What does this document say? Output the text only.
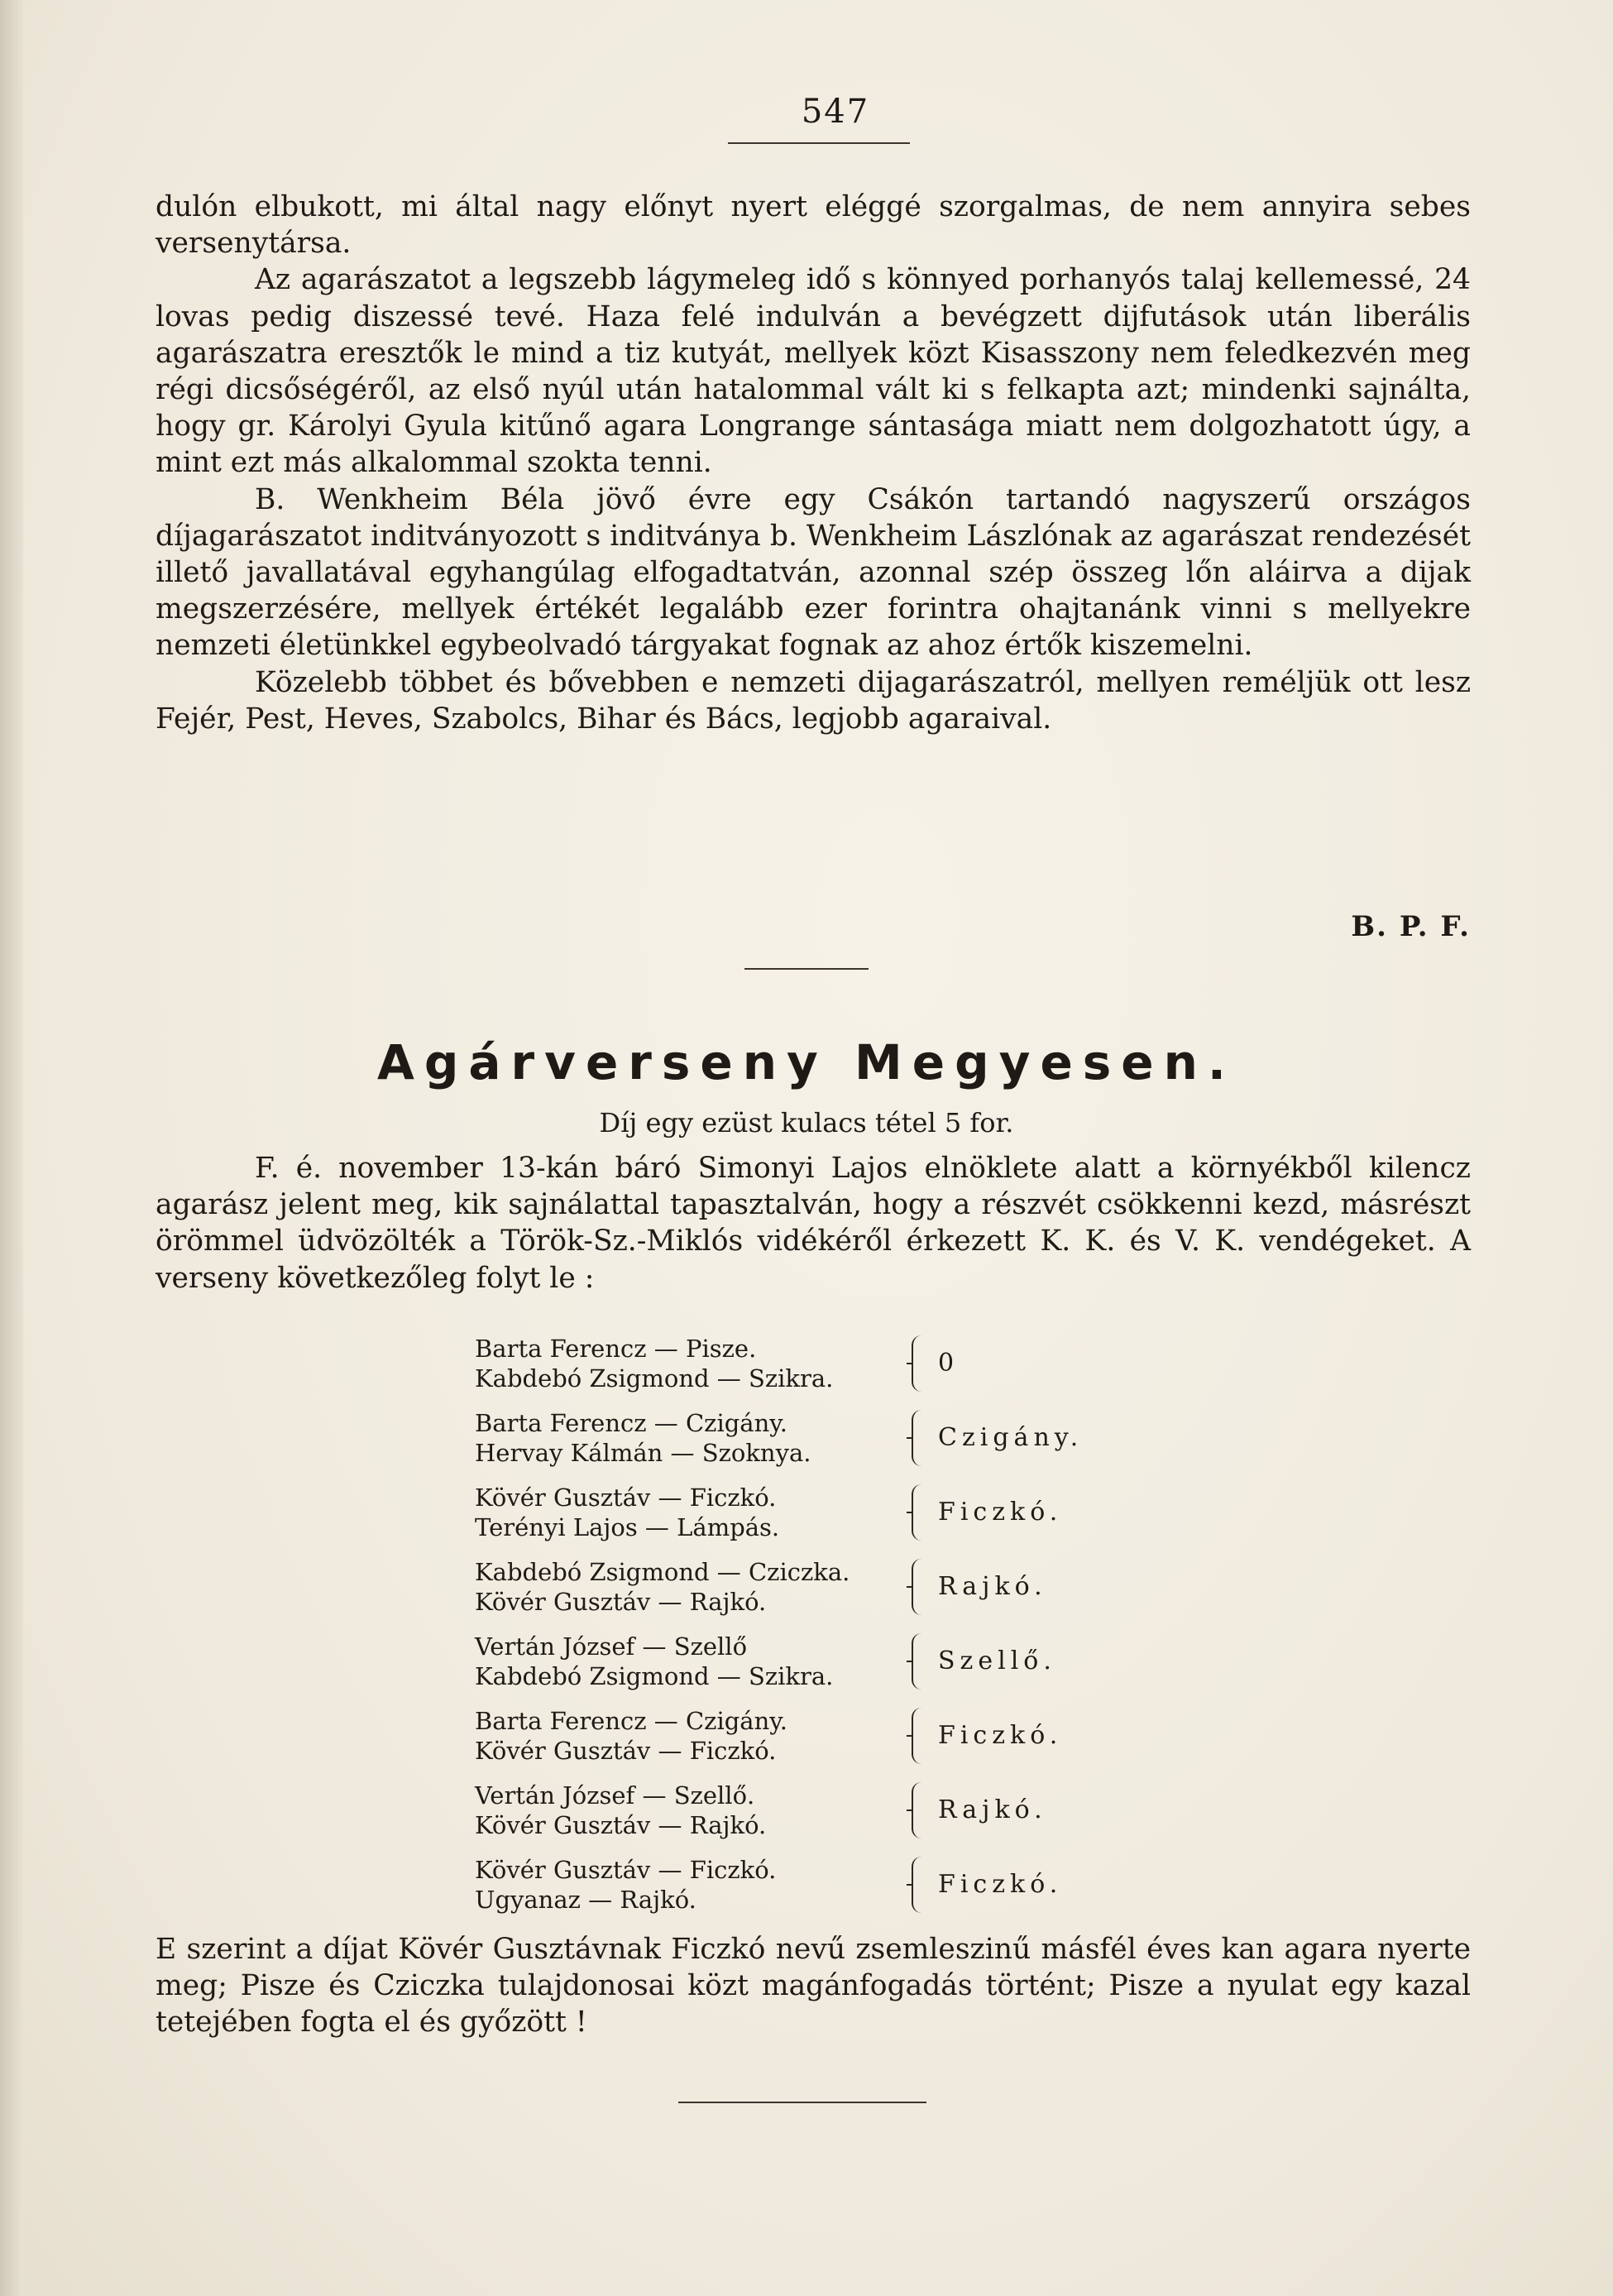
547

dulón elbukott, mi által nagy előnyt nyert eléggé szorgalmas, de nem annyira sebes versenytársa.

Az agarászatot a legszebb lágymeleg idő s könnyed porhanyós talaj kellemessé, 24 lovas pedig diszessé tevé. Haza felé indulván a bevégzett dijfutások után liberális agarászatra eresztők le mind a tiz kutyát, mellyek közt Kisasszony nem feledkezvén meg régi dicsőségéről, az első nyúl után hatalommal vált ki s felkapta azt; mindenki sajnálta, hogy gr. Károlyi Gyula kitűnő agara Longrange sántasága miatt nem dolgozhatott úgy, a mint ezt más alkalommal szokta tenni.

B. Wenkheim Béla jövő évre egy Csákón tartandó nagyszerű országos díjagarászatot inditványozott s inditványa b. Wenkheim Lászlónak az agarászat rendezését illető javallatával egyhangúlag elfogadtatván, azonnal szép összeg lőn aláirva a dijak megszerzésére, mellyek értékét legalább ezer forintra ohajtanánk vinni s mellyekre nemzeti életünkkel egybeolvadó tárgyakat fognak az ahoz értők kiszemelni.

Közelebb többet és bővebben e nemzeti dijagarászatról, mellyen reméljük ott lesz Fejér, Pest, Heves, Szabolcs, Bihar és Bács, legjobb agaraival.

B. P. F.
Agárverseny Megyesen.
Díj egy ezüst kulacs tétel 5 for.

F. é. november 13-kán báró Simonyi Lajos elnöklete alatt a környékből kilencz agarász jelent meg, kik sajnálattal tapasztalván, hogy a részvét csökkenni kezd, másrészt örömmel üdvözölték a Török-Sz.-Miklós vidékéről érkezett K. K. és V. K. vendégeket. A verseny következőleg folyt le :

Barta Ferencz — Pisze.
Kabdebó Zsigmond — Szikra.
0
Barta Ferencz — Czigány.
Hervay Kálmán — Szoknya.
Czigány.
Kövér Gusztáv — Ficzkó.
Terényi Lajos — Lámpás.
Ficzkó.
Kabdebó Zsigmond — Cziczka.
Kövér Gusztáv — Rajkó.
Rajkó.
Vertán József — Szellő
Kabdebó Zsigmond — Szikra.
Szellő.
Barta Ferencz — Czigány.
Kövér Gusztáv — Ficzkó.
Ficzkó.
Vertán József — Szellő.
Kövér Gusztáv — Rajkó.
Rajkó.
Kövér Gusztáv — Ficzkó.
Ugyanaz — Rajkó.
Ficzkó.

E szerint a díjat Kövér Gusztávnak Ficzkó nevű zsemleszinű másfél éves kan agara nyerte meg; Pisze és Cziczka tulajdonosai közt magánfogadás történt; Pisze a nyulat egy kazal tetejében fogta el és győzött !
